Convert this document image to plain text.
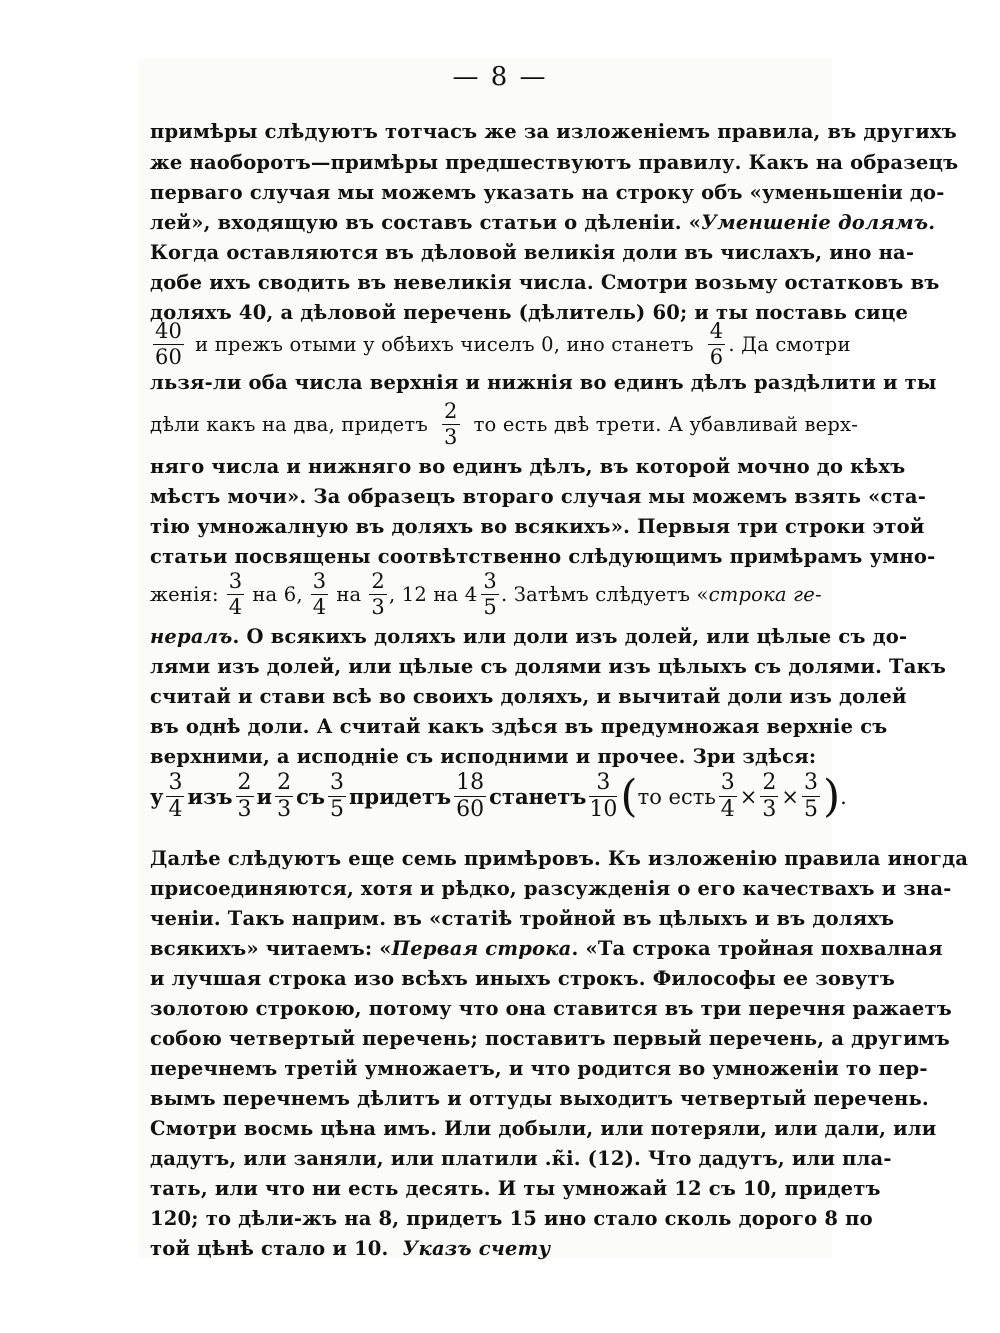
— 8 —
примѣры слѣдуютъ тотчасъ же за изложеніемъ правила, въ другихъ
же наоборотъ—примѣры предшествуютъ правилу. Какъ на образецъ
перваго случая мы можемъ указать на строку объ «уменьшеніи до-
лей», входящую въ составъ статьи о дѣленіи. «Уменшеніе долямъ.
Когда оставляются въ дѣловой великія доли въ числахъ, ино на-
добе ихъ сводить въ невеликія числа. Смотри возьму остатковъ въ
доляхъ 40, а дѣловой перечень (дѣлитель) 60; и ты поставь сице
$\frac{40}{60}$ и прежъ отыми у обѣихъ чиселъ 0, ино станетъ $\frac{4}{6}$ . Да смотри
льзя-ли оба числа верхнія и нижнія во единъ дѣлъ раздѣлити и ты
дѣли какъ на два, придетъ $\frac{2}{3}$ то есть двѣ трети. А убавливай верх-
няго числа и нижняго во единъ дѣлъ, въ которой мочно до кѣхъ
мѣстъ мочи». За образецъ втораго случая мы можемъ взять «ста-
тію умножалную въ доляхъ во всякихъ». Первыя три строки этой
статьи посвящены соотвѣтственно слѣдующимъ примѣрамъ умно-
женія: $\frac{3}{4}$ на 6, $\frac{3}{4}$ на $\frac{2}{3}$ , 12 на $4 \frac{3}{5}$ . Затѣмъ слѣдуетъ « строка ге-
нералъ. О всякихъ доляхъ или доли изъ долей, или цѣлые съ до-
лями изъ долей, или цѣлые съ долями изъ цѣлыхъ съ долями. Такъ
считай и стави всѣ во своихъ доляхъ, и вычитай доли изъ долей
въ однѣ доли. А считай какъ здѣся въ предумножая верхніе съ
верхними, а исподніе съ исподними и прочее. Зри здѣся:
у $\frac{3}{4}$ изъ $\frac{2}{3}$ и $\frac{2}{3}$ съ $\frac{3}{5}$ придетъ $\frac{18}{60}$ станетъ $\frac{3}{10}$ ( то есть $\frac{3}{4} \times \frac{2}{3} \times \frac{3}{5}$ ) .
Далѣе слѣдуютъ еще семь примѣровъ. Къ изложенію правила иногда
присоединяются, хотя и рѣдко, разсужденія о его качествахъ и зна-
ченіи. Такъ наприм. въ «статіѣ тройной въ цѣлыхъ и въ доляхъ
всякихъ» читаемъ: «Первая строка. «Та строка тройная похвалная
и лучшая строка изо всѣхъ иныхъ строкъ. Философы ее зовутъ
золотою строкою, потому что она ставится въ три перечня ражаетъ
собою четвертый перечень; поставитъ первый перечень, а другимъ
перечнемъ третій умножаетъ, и что родится во умноженіи то пер-
вымъ перечнемъ дѣлитъ и оттуды выходитъ четвертый перечень.
Смотри восмь цѣна имъ. Или добыли, или потеряли, или дали, или
дадутъ, или заняли, или платили .к̃і. (12). Что дадутъ, или пла-
тать, или что ни есть десять. И ты умножай 12 съ 10, придетъ
120; то дѣли-жъ на 8, придетъ 15 ино стало сколь дорого 8 по
той цѣнѣ стало и 10. Указъ счету
